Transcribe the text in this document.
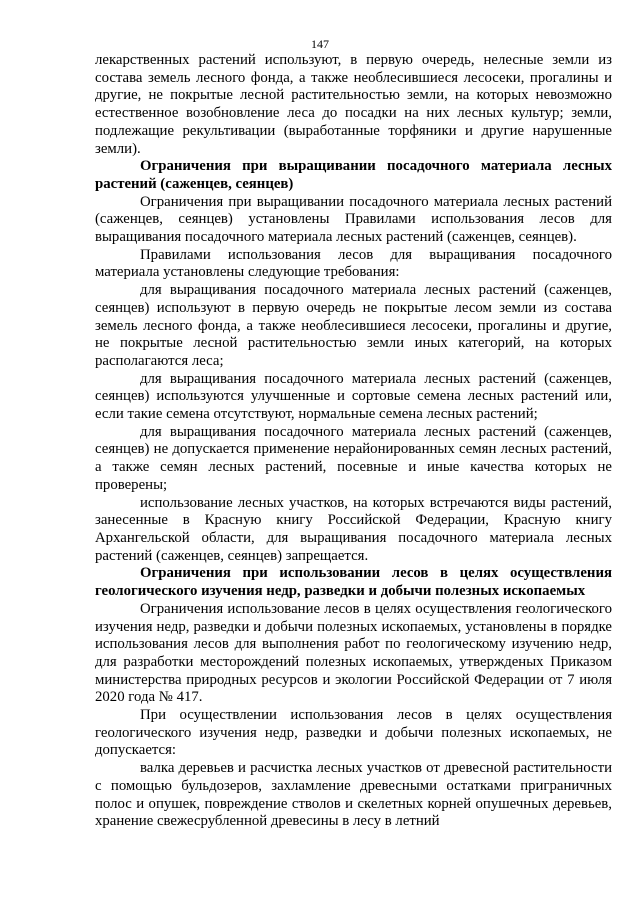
147

лекарственных растений используют, в первую очередь, нелесные земли из состава земель лесного фонда, а также необлесившиеся лесосеки, прогалины и другие, не покрытые лесной растительностью земли, на которых невозможно естественное возобновление леса до посадки на них лесных культур; земли, подлежащие рекультивации (выработанные торфяники и другие нарушенные земли).

Ограничения при выращивании посадочного материала лесных растений (саженцев, сеянцев)

Ограничения при выращивании посадочного материала лесных растений (саженцев, сеянцев) установлены Правилами использования лесов для выращивания посадочного материала лесных растений (саженцев, сеянцев).

Правилами использования лесов для выращивания посадочного материала установлены следующие требования:

для выращивания посадочного материала лесных растений (саженцев, сеянцев) используют в первую очередь не покрытые лесом земли из состава земель лесного фонда, а также необлесившиеся лесосеки, прогалины и другие, не покрытые лесной растительностью земли иных категорий, на которых располагаются леса;

для выращивания посадочного материала лесных растений (саженцев, сеянцев) используются улучшенные и сортовые семена лесных растений или, если такие семена отсутствуют, нормальные семена лесных растений;

для выращивания посадочного материала лесных растений (саженцев, сеянцев) не допускается применение нерайонированных семян лесных растений, а также семян лесных растений, посевные и иные качества которых не проверены;

использование лесных участков, на которых встречаются виды растений, занесенные в Красную книгу Российской Федерации, Красную книгу Архангельской области, для выращивания посадочного материала лесных растений (саженцев, сеянцев) запрещается.

Ограничения при использовании лесов в целях осуществления геологического изучения недр, разведки и добычи полезных ископаемых

Ограничения использование лесов в целях осуществления геологического изучения недр, разведки и добычи полезных ископаемых, установлены в порядке использования лесов для выполнения работ по геологическому изучению недр, для разработки месторождений полезных ископаемых, утвержденых Приказом министерства природных ресурсов и экологии Российской Федерации от 7 июля 2020 года № 417.

При осуществлении использования лесов в целях осуществления геологического изучения недр, разведки и добычи полезных ископаемых, не допускается:

валка деревьев и расчистка лесных участков от древесной растительности с помощью бульдозеров, захламление древесными остатками приграничных полос и опушек, повреждение стволов и скелетных корней опушечных деревьев, хранение свежесрубленной древесины в лесу в летний
